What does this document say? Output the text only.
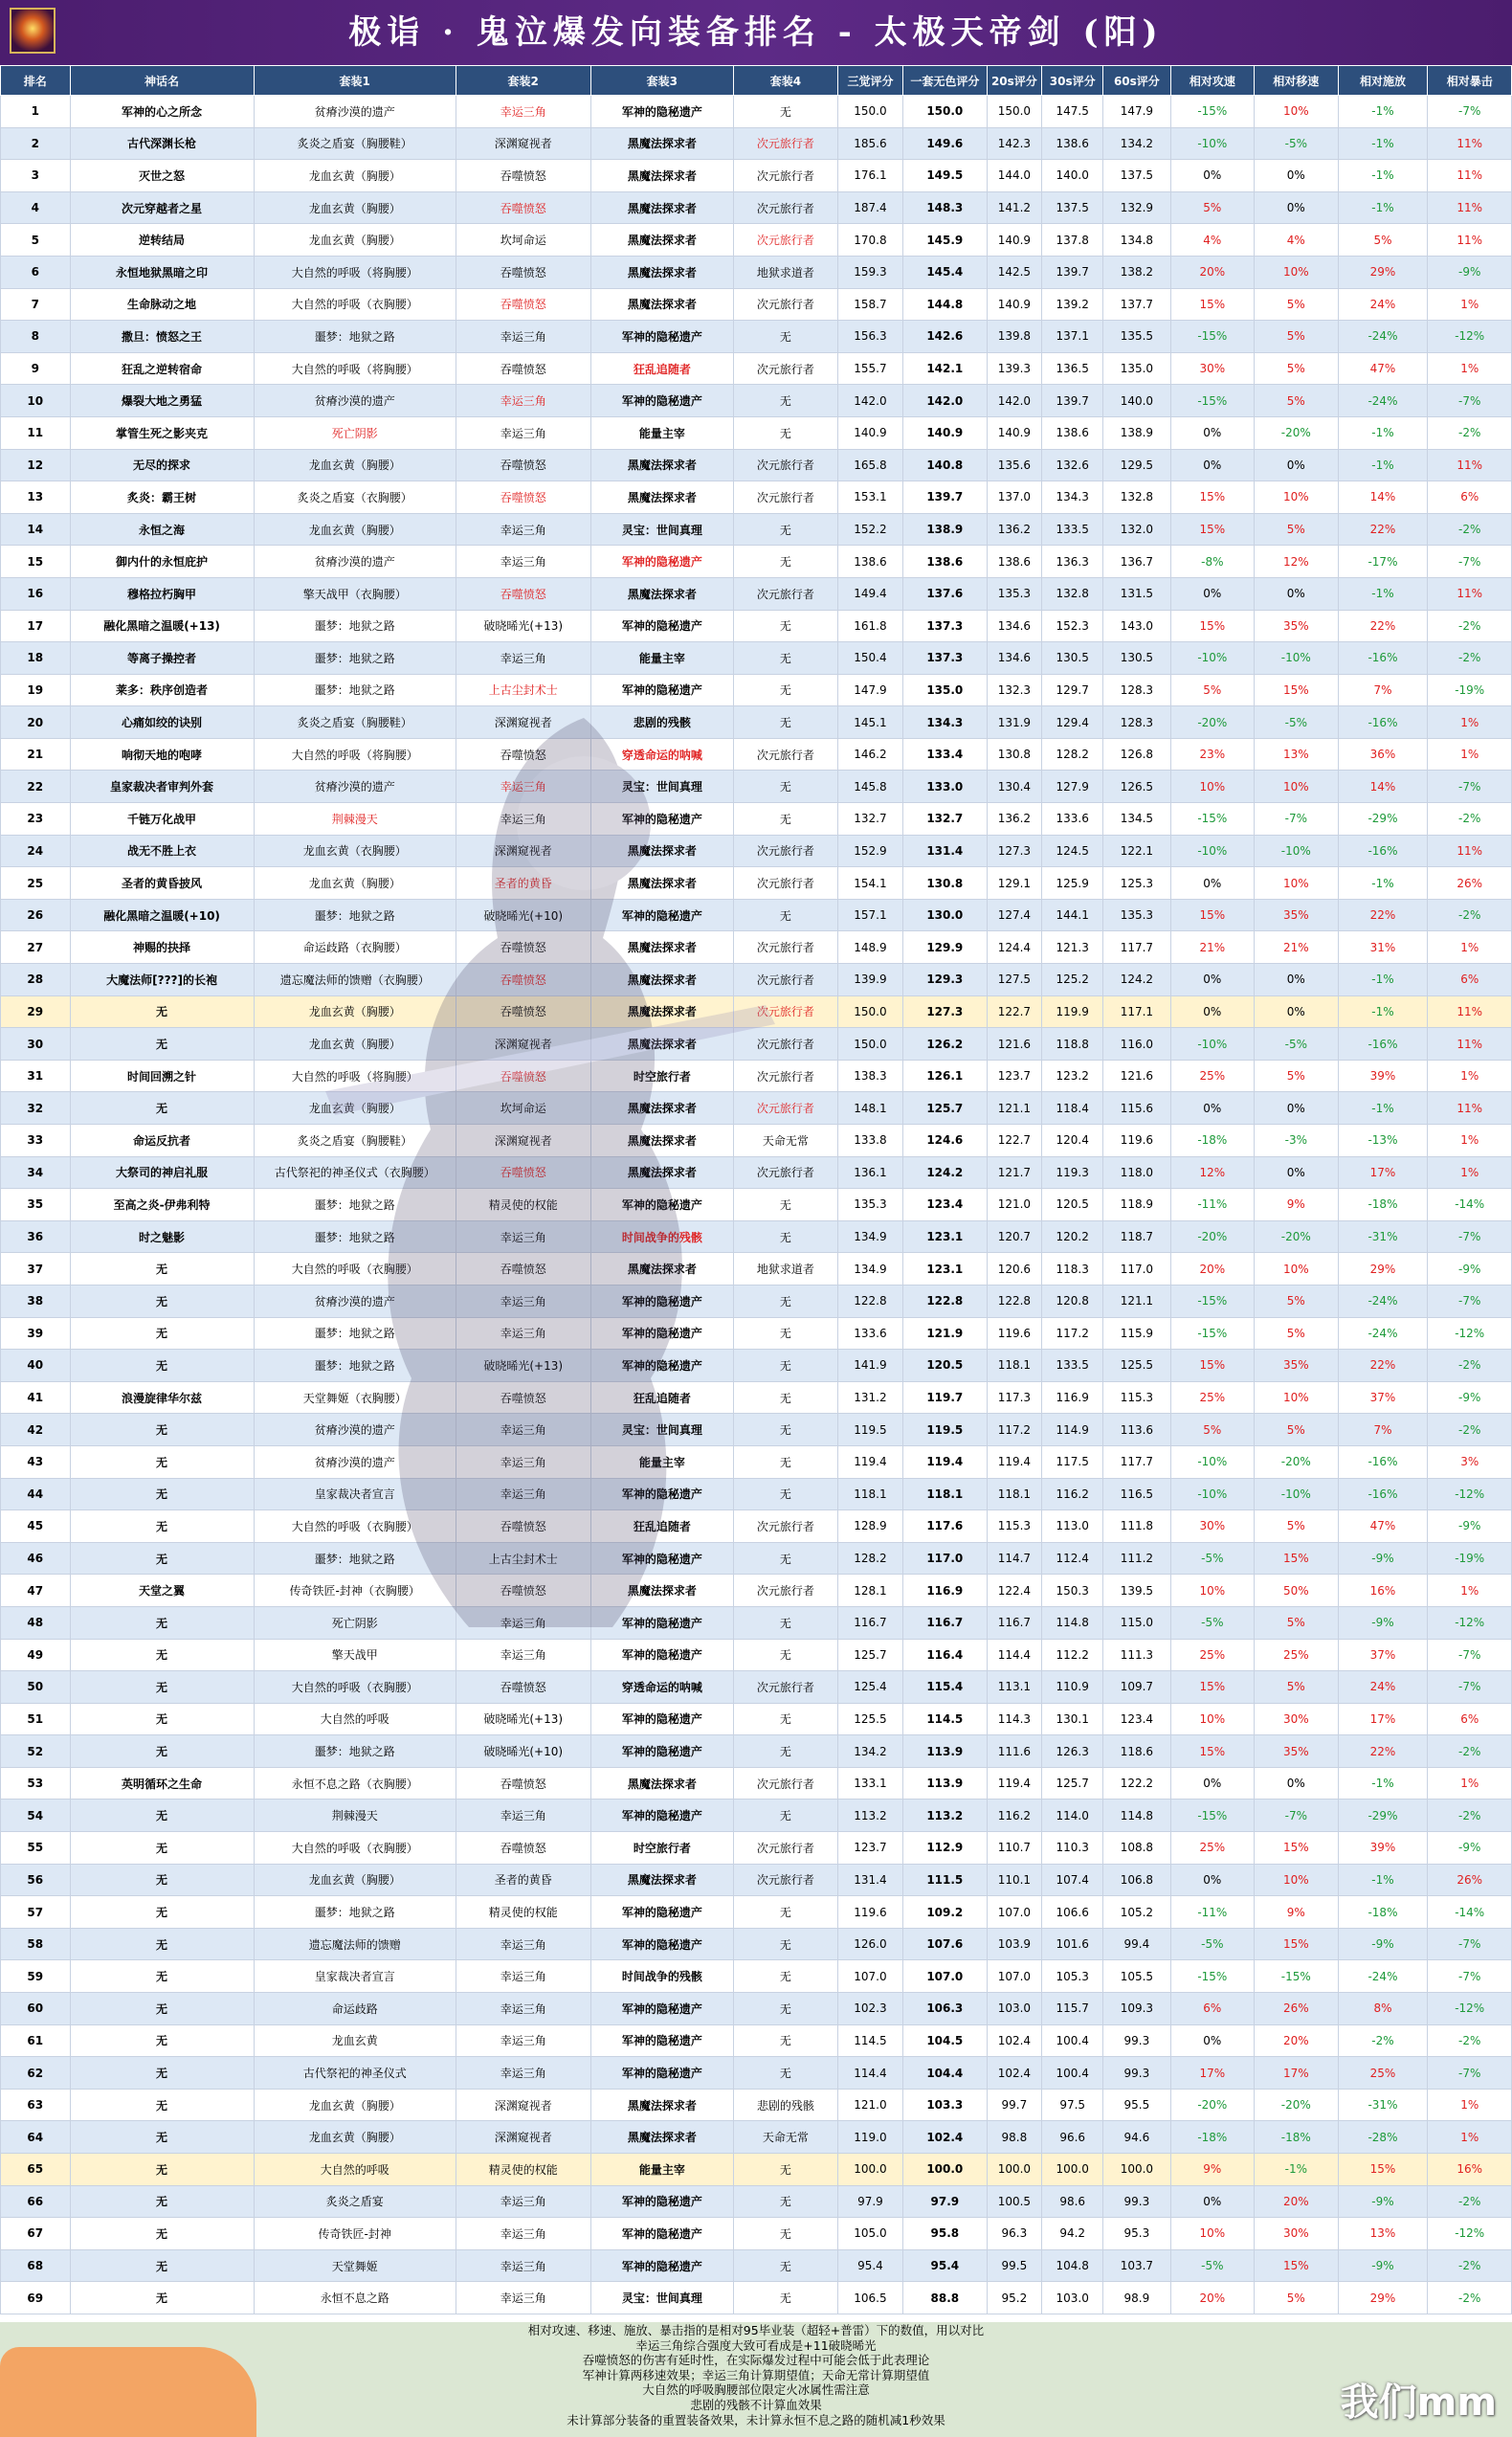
极诣 · 鬼泣爆发向装备排名 - 太极天帝剑 (阳)
排名	神话名	套装1	套装2	套装3	套装4	三觉评分	一套无色评分	20s评分	30s评分	60s评分	相对攻速	相对移速	相对施放	相对暴击
1	军神的心之所念	贫瘠沙漠的遗产	幸运三角	军神的隐秘遗产	无	150.0	150.0	150.0	147.5	147.9	-15%	10%	-1%	-7%
2	古代深渊长枪	炙炎之盾宴（胸腰鞋）	深渊窥视者	黑魔法探求者	次元旅行者	185.6	149.6	142.3	138.6	134.2	-10%	-5%	-1%	11%
3	灭世之怒	龙血玄黄（胸腰）	吞噬愤怒	黑魔法探求者	次元旅行者	176.1	149.5	144.0	140.0	137.5	0%	0%	-1%	11%
4	次元穿越者之星	龙血玄黄（胸腰）	吞噬愤怒	黑魔法探求者	次元旅行者	187.4	148.3	141.2	137.5	132.9	5%	0%	-1%	11%
5	逆转结局	龙血玄黄（胸腰）	坎坷命运	黑魔法探求者	次元旅行者	170.8	145.9	140.9	137.8	134.8	4%	4%	5%	11%
6	永恒地狱黑暗之印	大自然的呼吸（将胸腰）	吞噬愤怒	黑魔法探求者	地狱求道者	159.3	145.4	142.5	139.7	138.2	20%	10%	29%	-9%
7	生命脉动之地	大自然的呼吸（衣胸腰）	吞噬愤怒	黑魔法探求者	次元旅行者	158.7	144.8	140.9	139.2	137.7	15%	5%	24%	1%
8	撒旦：愤怒之王	噩梦：地狱之路	幸运三角	军神的隐秘遗产	无	156.3	142.6	139.8	137.1	135.5	-15%	5%	-24%	-12%
9	狂乱之逆转宿命	大自然的呼吸（将胸腰）	吞噬愤怒	狂乱追随者	次元旅行者	155.7	142.1	139.3	136.5	135.0	30%	5%	47%	1%
10	爆裂大地之勇猛	贫瘠沙漠的遗产	幸运三角	军神的隐秘遗产	无	142.0	142.0	142.0	139.7	140.0	-15%	5%	-24%	-7%
11	掌管生死之影夹克	死亡阴影	幸运三角	能量主宰	无	140.9	140.9	140.9	138.6	138.9	0%	-20%	-1%	-2%
12	无尽的探求	龙血玄黄（胸腰）	吞噬愤怒	黑魔法探求者	次元旅行者	165.8	140.8	135.6	132.6	129.5	0%	0%	-1%	11%
13	炙炎：霸王树	炙炎之盾宴（衣胸腰）	吞噬愤怒	黑魔法探求者	次元旅行者	153.1	139.7	137.0	134.3	132.8	15%	10%	14%	6%
14	永恒之海	龙血玄黄（胸腰）	幸运三角	灵宝：世间真理	无	152.2	138.9	136.2	133.5	132.0	15%	5%	22%	-2%
15	御内什的永恒庇护	贫瘠沙漠的遗产	幸运三角	军神的隐秘遗产	无	138.6	138.6	138.6	136.3	136.7	-8%	12%	-17%	-7%
16	穆格拉朽胸甲	擎天战甲（衣胸腰）	吞噬愤怒	黑魔法探求者	次元旅行者	149.4	137.6	135.3	132.8	131.5	0%	0%	-1%	11%
17	融化黑暗之温暖(+13)	噩梦：地狱之路	破晓晞光(+13)	军神的隐秘遗产	无	161.8	137.3	134.6	152.3	143.0	15%	35%	22%	-2%
18	等离子操控者	噩梦：地狱之路	幸运三角	能量主宰	无	150.4	137.3	134.6	130.5	130.5	-10%	-10%	-16%	-2%
19	莱多：秩序创造者	噩梦：地狱之路	上古尘封术士	军神的隐秘遗产	无	147.9	135.0	132.3	129.7	128.3	5%	15%	7%	-19%
20	心痛如绞的诀别	炙炎之盾宴（胸腰鞋）	深渊窥视者	悲剧的残骸	无	145.1	134.3	131.9	129.4	128.3	-20%	-5%	-16%	1%
21	响彻天地的咆哮	大自然的呼吸（将胸腰）	吞噬愤怒	穿透命运的呐喊	次元旅行者	146.2	133.4	130.8	128.2	126.8	23%	13%	36%	1%
22	皇家裁决者审判外套	贫瘠沙漠的遗产	幸运三角	灵宝：世间真理	无	145.8	133.0	130.4	127.9	126.5	10%	10%	14%	-7%
23	千链万化战甲	荆棘漫天	幸运三角	军神的隐秘遗产	无	132.7	132.7	136.2	133.6	134.5	-15%	-7%	-29%	-2%
24	战无不胜上衣	龙血玄黄（衣胸腰）	深渊窥视者	黑魔法探求者	次元旅行者	152.9	131.4	127.3	124.5	122.1	-10%	-10%	-16%	11%
25	圣者的黄昏披风	龙血玄黄（胸腰）	圣者的黄昏	黑魔法探求者	次元旅行者	154.1	130.8	129.1	125.9	125.3	0%	10%	-1%	26%
26	融化黑暗之温暖(+10)	噩梦：地狱之路	破晓晞光(+10)	军神的隐秘遗产	无	157.1	130.0	127.4	144.1	135.3	15%	35%	22%	-2%
27	神赐的抉择	命运歧路（衣胸腰）	吞噬愤怒	黑魔法探求者	次元旅行者	148.9	129.9	124.4	121.3	117.7	21%	21%	31%	1%
28	大魔法师[???]的长袍	遗忘魔法师的馈赠（衣胸腰）	吞噬愤怒	黑魔法探求者	次元旅行者	139.9	129.3	127.5	125.2	124.2	0%	0%	-1%	6%
29	无	龙血玄黄（胸腰）	吞噬愤怒	黑魔法探求者	次元旅行者	150.0	127.3	122.7	119.9	117.1	0%	0%	-1%	11%
30	无	龙血玄黄（胸腰）	深渊窥视者	黑魔法探求者	次元旅行者	150.0	126.2	121.6	118.8	116.0	-10%	-5%	-16%	11%
31	时间回溯之针	大自然的呼吸（将胸腰）	吞噬愤怒	时空旅行者	次元旅行者	138.3	126.1	123.7	123.2	121.6	25%	5%	39%	1%
32	无	龙血玄黄（胸腰）	坎坷命运	黑魔法探求者	次元旅行者	148.1	125.7	121.1	118.4	115.6	0%	0%	-1%	11%
33	命运反抗者	炙炎之盾宴（胸腰鞋）	深渊窥视者	黑魔法探求者	天命无常	133.8	124.6	122.7	120.4	119.6	-18%	-3%	-13%	1%
34	大祭司的神启礼服	古代祭祀的神圣仪式（衣胸腰）	吞噬愤怒	黑魔法探求者	次元旅行者	136.1	124.2	121.7	119.3	118.0	12%	0%	17%	1%
35	至高之炎-伊弗利特	噩梦：地狱之路	精灵使的权能	军神的隐秘遗产	无	135.3	123.4	121.0	120.5	118.9	-11%	9%	-18%	-14%
36	时之魅影	噩梦：地狱之路	幸运三角	时间战争的残骸	无	134.9	123.1	120.7	120.2	118.7	-20%	-20%	-31%	-7%
37	无	大自然的呼吸（衣胸腰）	吞噬愤怒	黑魔法探求者	地狱求道者	134.9	123.1	120.6	118.3	117.0	20%	10%	29%	-9%
38	无	贫瘠沙漠的遗产	幸运三角	军神的隐秘遗产	无	122.8	122.8	122.8	120.8	121.1	-15%	5%	-24%	-7%
39	无	噩梦：地狱之路	幸运三角	军神的隐秘遗产	无	133.6	121.9	119.6	117.2	115.9	-15%	5%	-24%	-12%
40	无	噩梦：地狱之路	破晓晞光(+13)	军神的隐秘遗产	无	141.9	120.5	118.1	133.5	125.5	15%	35%	22%	-2%
41	浪漫旋律华尔兹	天堂舞姬（衣胸腰）	吞噬愤怒	狂乱追随者	无	131.2	119.7	117.3	116.9	115.3	25%	10%	37%	-9%
42	无	贫瘠沙漠的遗产	幸运三角	灵宝：世间真理	无	119.5	119.5	117.2	114.9	113.6	5%	5%	7%	-2%
43	无	贫瘠沙漠的遗产	幸运三角	能量主宰	无	119.4	119.4	119.4	117.5	117.7	-10%	-20%	-16%	3%
44	无	皇家裁决者宣言	幸运三角	军神的隐秘遗产	无	118.1	118.1	118.1	116.2	116.5	-10%	-10%	-16%	-12%
45	无	大自然的呼吸（衣胸腰）	吞噬愤怒	狂乱追随者	次元旅行者	128.9	117.6	115.3	113.0	111.8	30%	5%	47%	-9%
46	无	噩梦：地狱之路	上古尘封术士	军神的隐秘遗产	无	128.2	117.0	114.7	112.4	111.2	-5%	15%	-9%	-19%
47	天堂之翼	传奇铁匠-封神（衣胸腰）	吞噬愤怒	黑魔法探求者	次元旅行者	128.1	116.9	122.4	150.3	139.5	10%	50%	16%	1%
48	无	死亡阴影	幸运三角	军神的隐秘遗产	无	116.7	116.7	116.7	114.8	115.0	-5%	5%	-9%	-12%
49	无	擎天战甲	幸运三角	军神的隐秘遗产	无	125.7	116.4	114.4	112.2	111.3	25%	25%	37%	-7%
50	无	大自然的呼吸（衣胸腰）	吞噬愤怒	穿透命运的呐喊	次元旅行者	125.4	115.4	113.1	110.9	109.7	15%	5%	24%	-7%
51	无	大自然的呼吸	破晓晞光(+13)	军神的隐秘遗产	无	125.5	114.5	114.3	130.1	123.4	10%	30%	17%	6%
52	无	噩梦：地狱之路	破晓晞光(+10)	军神的隐秘遗产	无	134.2	113.9	111.6	126.3	118.6	15%	35%	22%	-2%
53	英明循环之生命	永恒不息之路（衣胸腰）	吞噬愤怒	黑魔法探求者	次元旅行者	133.1	113.9	119.4	125.7	122.2	0%	0%	-1%	1%
54	无	荆棘漫天	幸运三角	军神的隐秘遗产	无	113.2	113.2	116.2	114.0	114.8	-15%	-7%	-29%	-2%
55	无	大自然的呼吸（衣胸腰）	吞噬愤怒	时空旅行者	次元旅行者	123.7	112.9	110.7	110.3	108.8	25%	15%	39%	-9%
56	无	龙血玄黄（胸腰）	圣者的黄昏	黑魔法探求者	次元旅行者	131.4	111.5	110.1	107.4	106.8	0%	10%	-1%	26%
57	无	噩梦：地狱之路	精灵使的权能	军神的隐秘遗产	无	119.6	109.2	107.0	106.6	105.2	-11%	9%	-18%	-14%
58	无	遗忘魔法师的馈赠	幸运三角	军神的隐秘遗产	无	126.0	107.6	103.9	101.6	99.4	-5%	15%	-9%	-7%
59	无	皇家裁决者宣言	幸运三角	时间战争的残骸	无	107.0	107.0	107.0	105.3	105.5	-15%	-15%	-24%	-7%
60	无	命运歧路	幸运三角	军神的隐秘遗产	无	102.3	106.3	103.0	115.7	109.3	6%	26%	8%	-12%
61	无	龙血玄黄	幸运三角	军神的隐秘遗产	无	114.5	104.5	102.4	100.4	99.3	0%	20%	-2%	-2%
62	无	古代祭祀的神圣仪式	幸运三角	军神的隐秘遗产	无	114.4	104.4	102.4	100.4	99.3	17%	17%	25%	-7%
63	无	龙血玄黄（胸腰）	深渊窥视者	黑魔法探求者	悲剧的残骸	121.0	103.3	99.7	97.5	95.5	-20%	-20%	-31%	1%
64	无	龙血玄黄（胸腰）	深渊窥视者	黑魔法探求者	天命无常	119.0	102.4	98.8	96.6	94.6	-18%	-18%	-28%	1%
65	无	大自然的呼吸	精灵使的权能	能量主宰	无	100.0	100.0	100.0	100.0	100.0	9%	-1%	15%	16%
66	无	炙炎之盾宴	幸运三角	军神的隐秘遗产	无	97.9	97.9	100.5	98.6	99.3	0%	20%	-9%	-2%
67	无	传奇铁匠-封神	幸运三角	军神的隐秘遗产	无	105.0	95.8	96.3	94.2	95.3	10%	30%	13%	-12%
68	无	天堂舞姬	幸运三角	军神的隐秘遗产	无	95.4	95.4	99.5	104.8	103.7	-5%	15%	-9%	-2%
69	无	永恒不息之路	幸运三角	灵宝：世间真理	无	106.5	88.8	95.2	103.0	98.9	20%	5%	29%	-2%
相对攻速、移速、施放、暴击指的是相对95毕业装（超轻+普雷）下的数值，用以对比
幸运三角综合强度大致可看成是+11破晓晞光
吞噬愤怒的伤害有延时性，在实际爆发过程中可能会低于此表理论
军神计算两移速效果；幸运三角计算期望值；天命无常计算期望值
大自然的呼吸胸腰部位限定火冰属性需注意
悲剧的残骸不计算血效果
未计算部分装备的重置装备效果，未计算永恒不息之路的随机减1秒效果	我们mm
